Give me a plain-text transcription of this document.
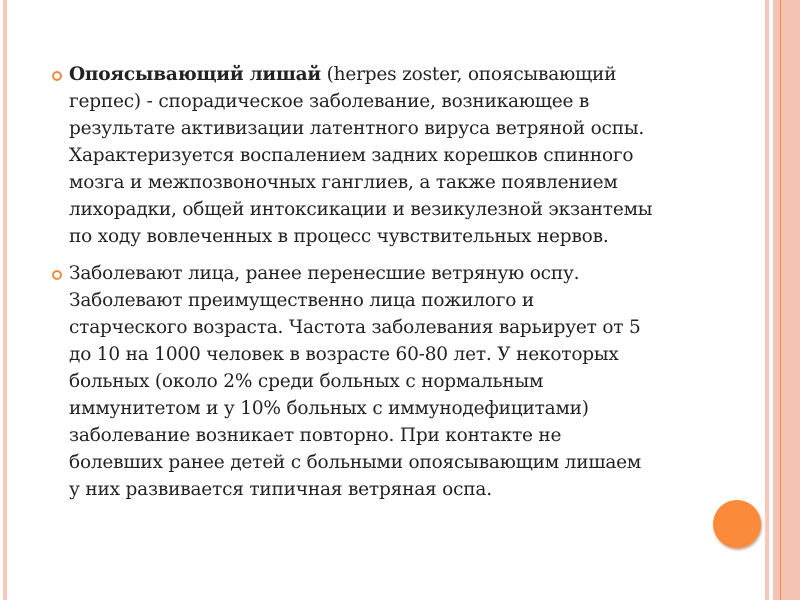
Опоясывающий лишай (herpes zoster, опоясывающий
герпес) - спорадическое заболевание, возникающее в
результате активизации латентного вируса ветряной оспы.
Характеризуется воспалением задних корешков спинного
мозга и межпозвоночных ганглиев, а также появлением
лихорадки, общей интоксикации и везикулезной экзантемы
по ходу вовлеченных в процесс чувствительных нервов.
Заболевают лица, ранее перенесшие ветряную оспу.
Заболевают преимущественно лица пожилого и
старческого возраста. Частота заболевания варьирует от 5
до 10 на 1000 человек в возрасте 60-80 лет. У некоторых
больных (около 2% среди больных с нормальным
иммунитетом и у 10% больных с иммунодефицитами)
заболевание возникает повторно. При контакте не
болевших ранее детей с больными опоясывающим лишаем
у них развивается типичная ветряная оспа.
